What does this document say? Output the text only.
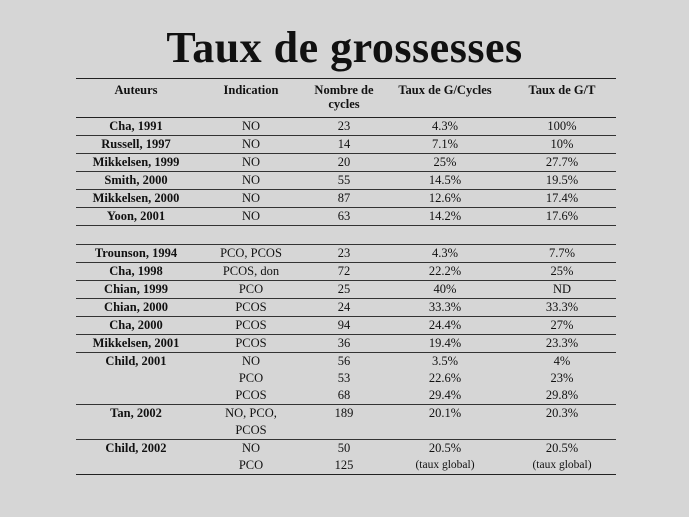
Taux de grossesses
Auteurs	Indication	Nombre de cycles	Taux de G/Cycles	Taux de G/T
Cha, 1991	NO	23	4.3%	100%
Russell, 1997	NO	14	7.1%	10%
Mikkelsen, 1999	NO	20	25%	27.7%
Smith, 2000	NO	55	14.5%	19.5%
Mikkelsen, 2000	NO	87	12.6%	17.4%
Yoon, 2001	NO	63	14.2%	17.6%

Trounson, 1994	PCO, PCOS	23	4.3%	7.7%
Cha, 1998	PCOS, don	72	22.2%	25%
Chian, 1999	PCO	25	40%	ND
Chian, 2000	PCOS	24	33.3%	33.3%
Cha, 2000	PCOS	94	24.4%	27%
Mikkelsen, 2001	PCOS	36	19.4%	23.3%
Child, 2001	NO	56	3.5%	4%
	PCO	53	22.6%	23%
	PCOS	68	29.4%	29.8%
Tan, 2002	NO, PCO,	189	20.1%	20.3%
	PCOS			
Child, 2002	NO	50	20.5%	20.5%
	PCO	125	(taux global)	(taux global)
